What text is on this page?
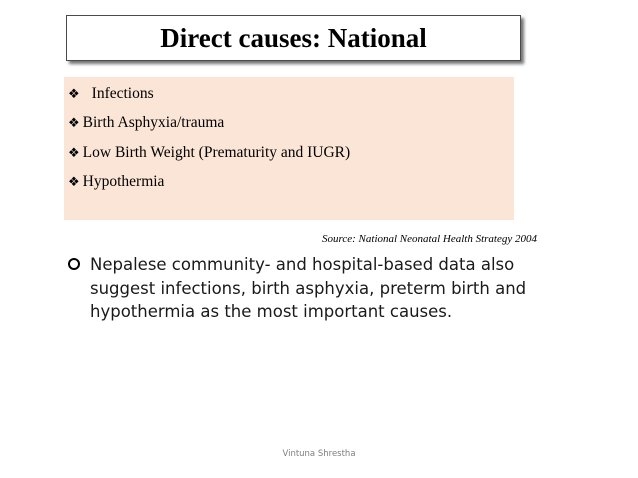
Direct causes: National
❖ Infections
❖ Birth Asphyxia/trauma
❖ Low Birth Weight (Prematurity and IUGR)
❖ Hypothermia
Source: National Neonatal Health Strategy 2004
Nepalese community- and hospital-based data also suggest infections, birth asphyxia, preterm birth and hypothermia as the most important causes.
Vintuna Shrestha
